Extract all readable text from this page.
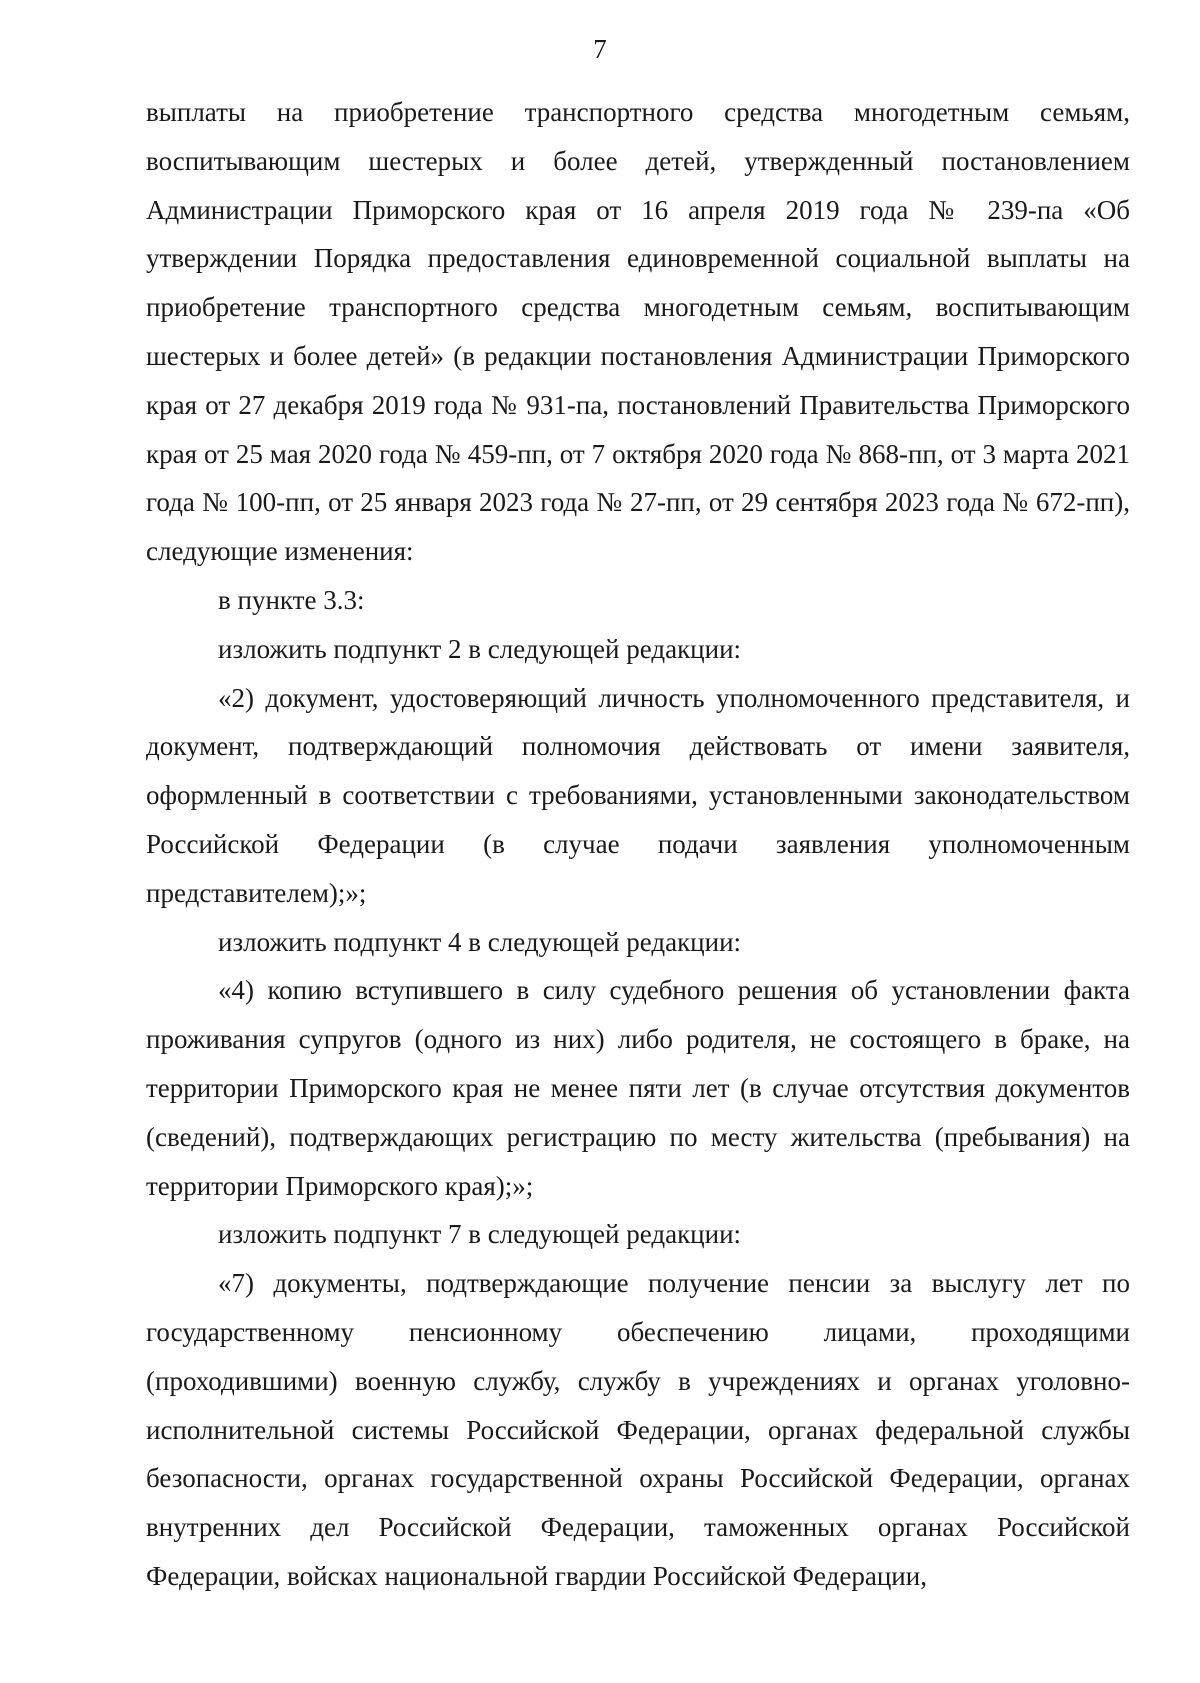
7

выплаты на приобретение транспортного средства многодетным семьям, воспитывающим шестерых и более детей, утвержденный постановлением Администрации Приморского края от 16 апреля 2019 года № 239-па «Об утверждении Порядка предоставления единовременной социальной выплаты на приобретение транспортного средства многодетным семьям, воспитывающим шестерых и более детей» (в редакции постановления Администрации Приморского края от 27 декабря 2019 года № 931-па, постановлений Правительства Приморского края от 25 мая 2020 года № 459-пп, от 7 октября 2020 года № 868-пп, от 3 марта 2021 года № 100-пп, от 25 января 2023 года № 27-пп, от 29 сентября 2023 года № 672-пп), следующие изменения:

в пункте 3.3:

изложить подпункт 2 в следующей редакции:

«2) документ, удостоверяющий личность уполномоченного представителя, и документ, подтверждающий полномочия действовать от имени заявителя, оформленный в соответствии с требованиями, установленными законодательством Российской Федерации (в случае подачи заявления уполномоченным представителем);»;

изложить подпункт 4 в следующей редакции:

«4) копию вступившего в силу судебного решения об установлении факта проживания супругов (одного из них) либо родителя, не состоящего в браке, на территории Приморского края не менее пяти лет (в случае отсутствия документов (сведений), подтверждающих регистрацию по месту жительства (пребывания) на территории Приморского края);»;

изложить подпункт 7 в следующей редакции:

«7) документы, подтверждающие получение пенсии за выслугу лет по государственному пенсионному обеспечению лицами, проходящими (проходившими) военную службу, службу в учреждениях и органах уголовно-исполнительной системы Российской Федерации, органах федеральной службы безопасности, органах государственной охраны Российской Федерации, органах внутренних дел Российской Федерации, таможенных органах Российской Федерации, войсках национальной гвардии Российской Федерации,
